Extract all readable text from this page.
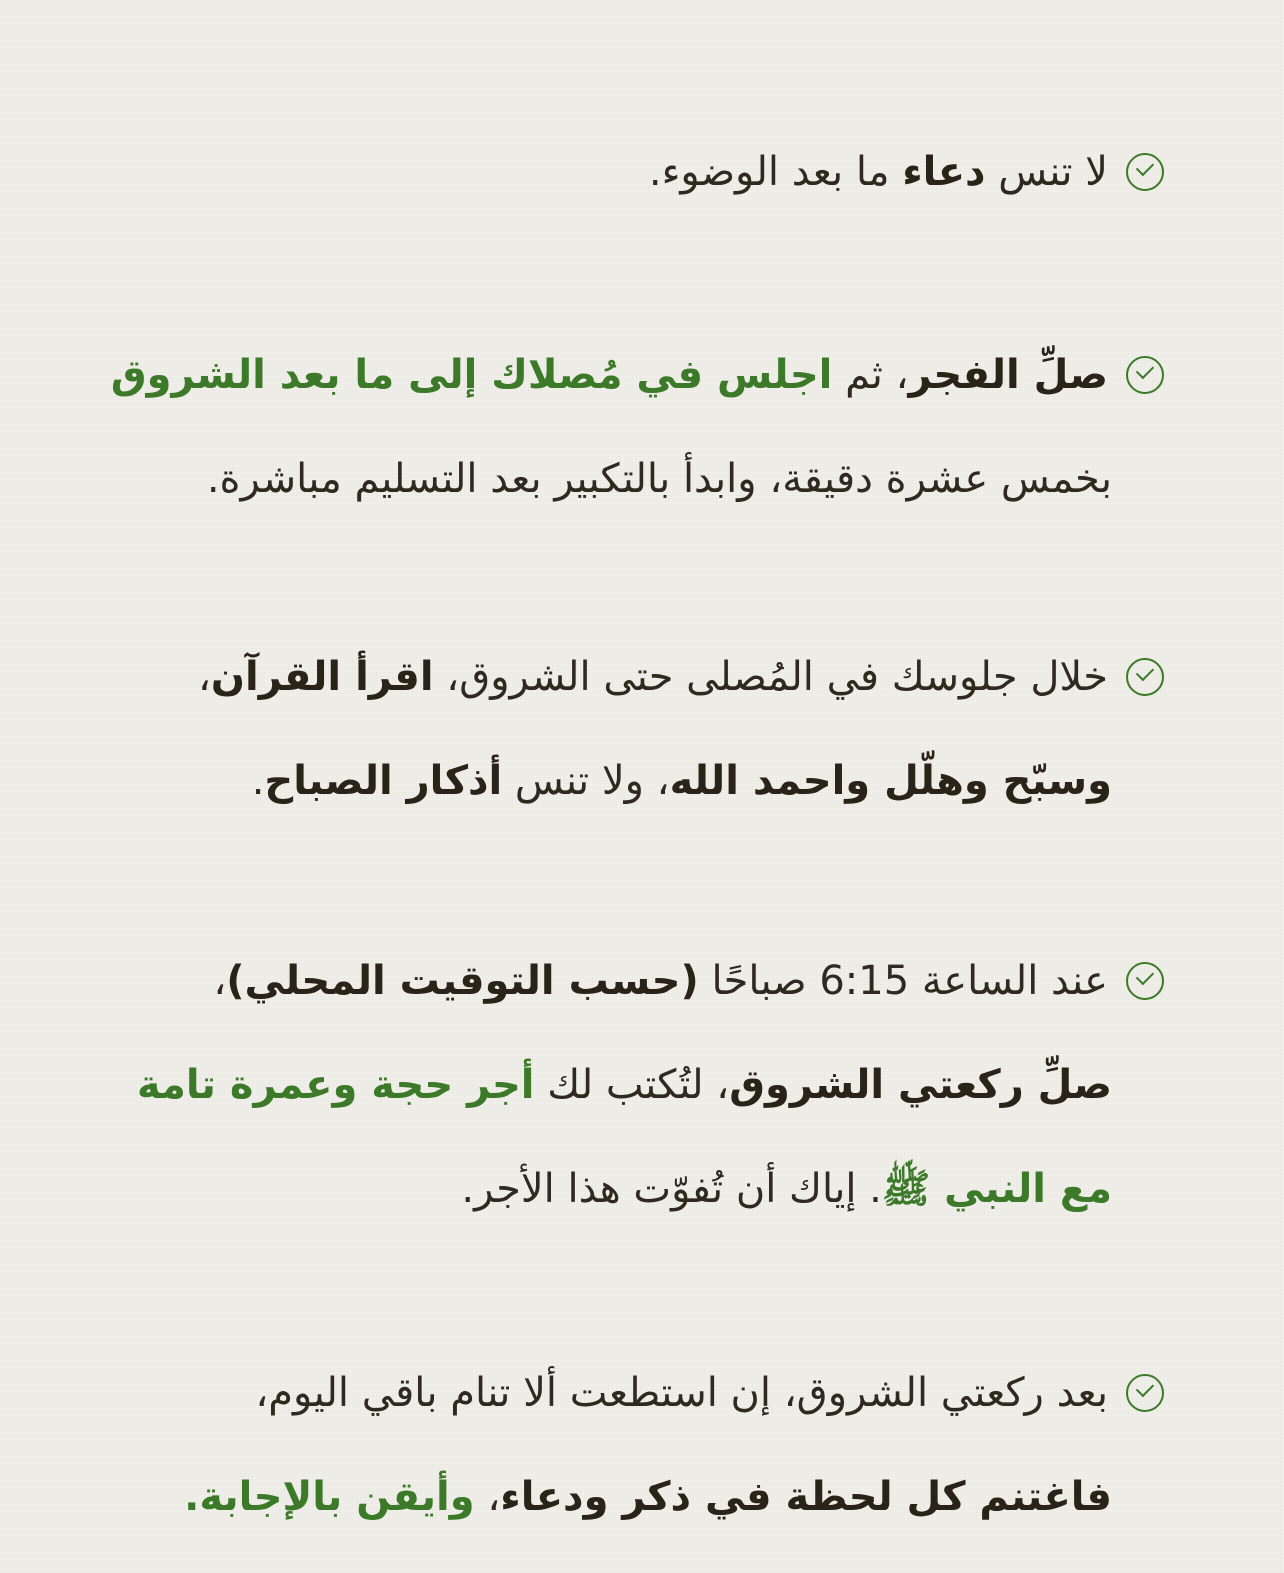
لا تنس دعاء ما بعد الوضوء.
صلِّ الفجر، ثم اجلس في مُصلاك إلى ما بعد الشروق
بخمس عشرة دقيقة، وابدأ بالتكبير بعد التسليم مباشرة.
خلال جلوسك في المُصلى حتى الشروق، اقرأ القرآن،
وسبّح وهلّل واحمد الله، ولا تنس أذكار الصباح.
عند الساعة 6:15 صباحًا (حسب التوقيت المحلي)،
صلِّ ركعتي الشروق، لتُكتب لك أجر حجة وعمرة تامة
مع النبي ﷺ. إياك أن تُفوّت هذا الأجر.
بعد ركعتي الشروق، إن استطعت ألا تنام باقي اليوم،
فاغتنم كل لحظة في ذكر ودعاء، وأيقن بالإجابة.
